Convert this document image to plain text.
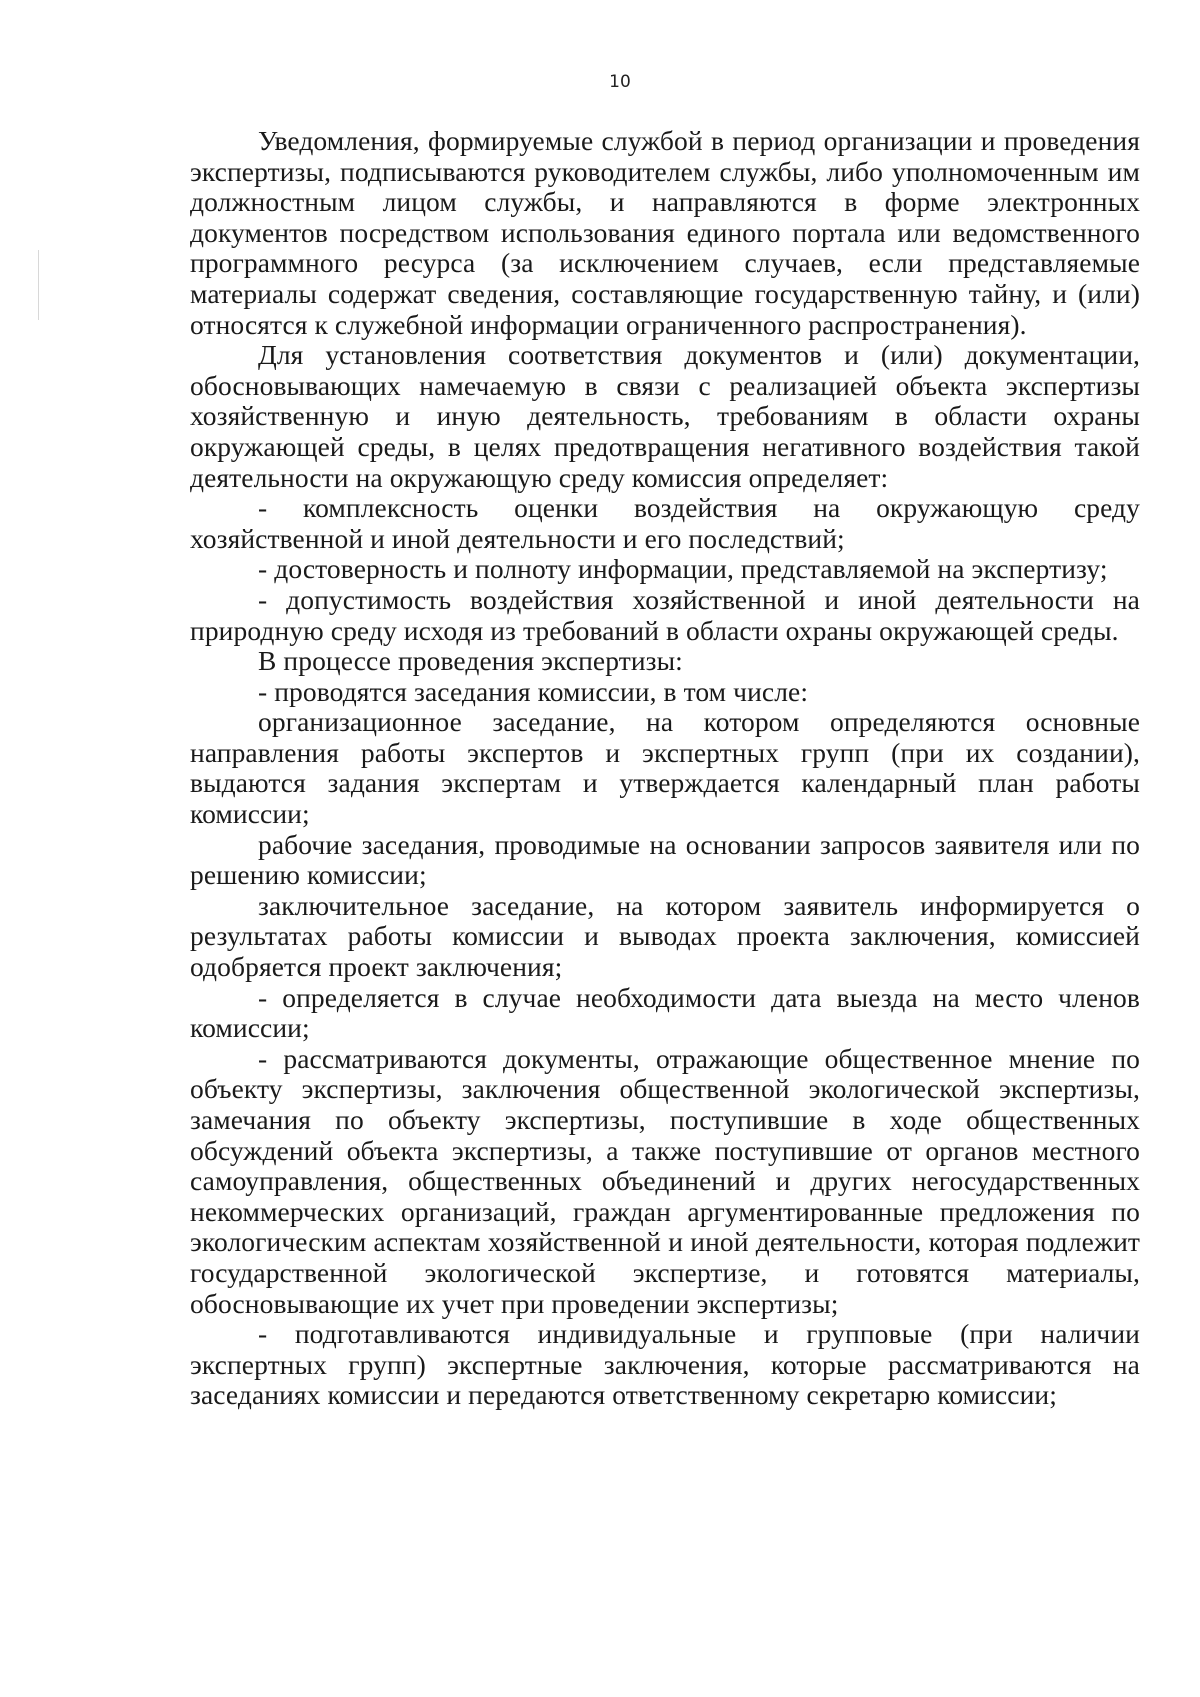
10

Уведомления, формируемые службой в период организации и проведения экспертизы, подписываются руководителем службы, либо уполномоченным им должностным лицом службы, и направляются в форме электронных документов посредством использования единого портала или ведомственного программного ресурса (за исключением случаев, если представляемые материалы содержат сведения, составляющие государственную тайну, и (или) относятся к служебной информации ограниченного распространения).

Для установления соответствия документов и (или) документации, обосновывающих намечаемую в связи с реализацией объекта экспертизы хозяйственную и иную деятельность, требованиям в области охраны окружающей среды, в целях предотвращения негативного воздействия такой деятельности на окружающую среду комиссия определяет:

- комплексность оценки воздействия на окружающую среду хозяйственной и иной деятельности и его последствий;

- достоверность и полноту информации, представляемой на экспертизу;

- допустимость воздействия хозяйственной и иной деятельности на природную среду исходя из требований в области охраны окружающей среды.

В процессе проведения экспертизы:

- проводятся заседания комиссии, в том числе:

организационное заседание, на котором определяются основные направления работы экспертов и экспертных групп (при их создании), выдаются задания экспертам и утверждается календарный план работы комиссии;

рабочие заседания, проводимые на основании запросов заявителя или по решению комиссии;

заключительное заседание, на котором заявитель информируется о результатах работы комиссии и выводах проекта заключения, комиссией одобряется проект заключения;

- определяется в случае необходимости дата выезда на место членов комиссии;

- рассматриваются документы, отражающие общественное мнение по объекту экспертизы, заключения общественной экологической экспертизы, замечания по объекту экспертизы, поступившие в ходе общественных обсуждений объекта экспертизы, а также поступившие от органов местного самоуправления, общественных объединений и других негосударственных некоммерческих организаций, граждан аргументированные предложения по экологическим аспектам хозяйственной и иной деятельности, которая подлежит государственной экологической экспертизе, и готовятся материалы, обосновывающие их учет при проведении экспертизы;

- подготавливаются индивидуальные и групповые (при наличии экспертных групп) экспертные заключения, которые рассматриваются на заседаниях комиссии и передаются ответственному секретарю комиссии;
